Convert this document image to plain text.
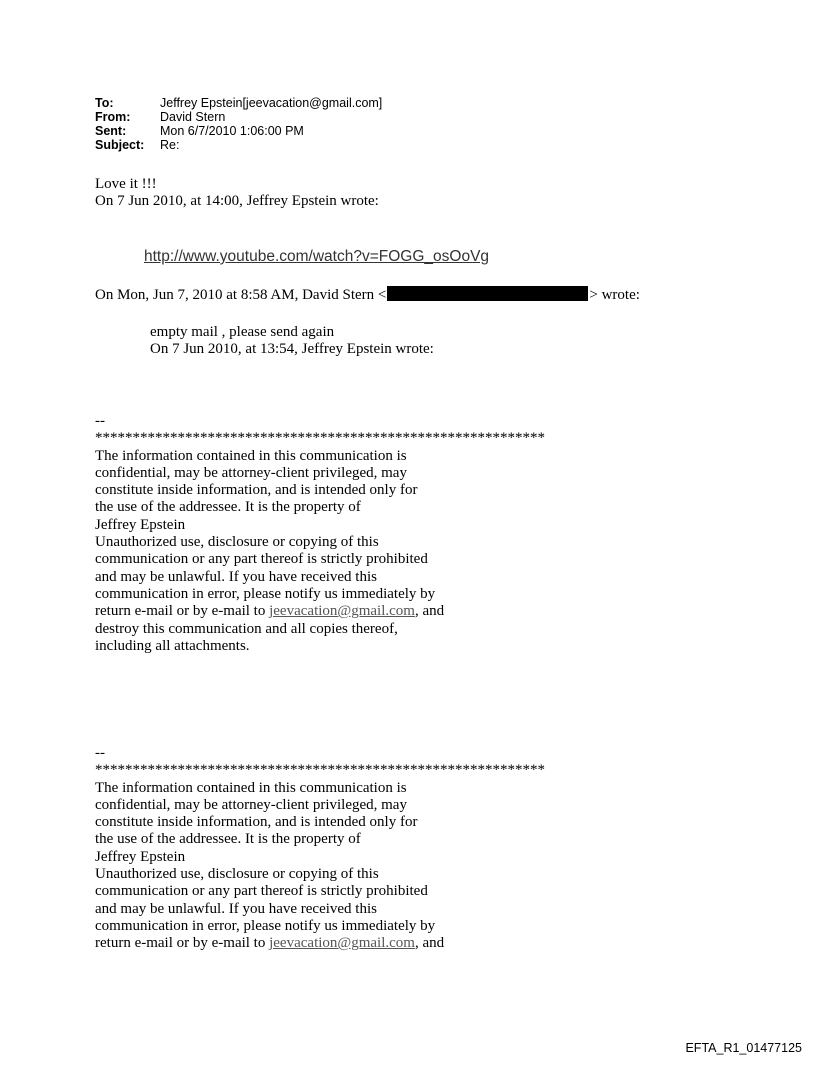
To:	Jeffrey Epstein[jeevacation@gmail.com]
From:	David Stern
Sent:	Mon 6/7/2010 1:06:00 PM
Subject:	Re:
Love it !!!
On 7 Jun 2010, at 14:00, Jeffrey Epstein wrote:
http://www.youtube.com/watch?v=FOGG_osOoVg
On Mon, Jun 7, 2010 at 8:58 AM, David Stern <	> wrote:
empty mail , please send again
On 7 Jun 2010, at 13:54, Jeffrey Epstein wrote:
--
************************************************************
The information contained in this communication is
confidential, may be attorney-client privileged, may
constitute inside information, and is intended only for
the use of the addressee. It is the property of
Jeffrey Epstein
Unauthorized use, disclosure or copying of this
communication or any part thereof is strictly prohibited
and may be unlawful. If you have received this
communication in error, please notify us immediately by
return e-mail or by e-mail to jeevacation@gmail.com, and
destroy this communication and all copies thereof,
including all attachments.
--
************************************************************
The information contained in this communication is
confidential, may be attorney-client privileged, may
constitute inside information, and is intended only for
the use of the addressee. It is the property of
Jeffrey Epstein
Unauthorized use, disclosure or copying of this
communication or any part thereof is strictly prohibited
and may be unlawful. If you have received this
communication in error, please notify us immediately by
return e-mail or by e-mail to jeevacation@gmail.com, and
EFTA_R1_01477125
